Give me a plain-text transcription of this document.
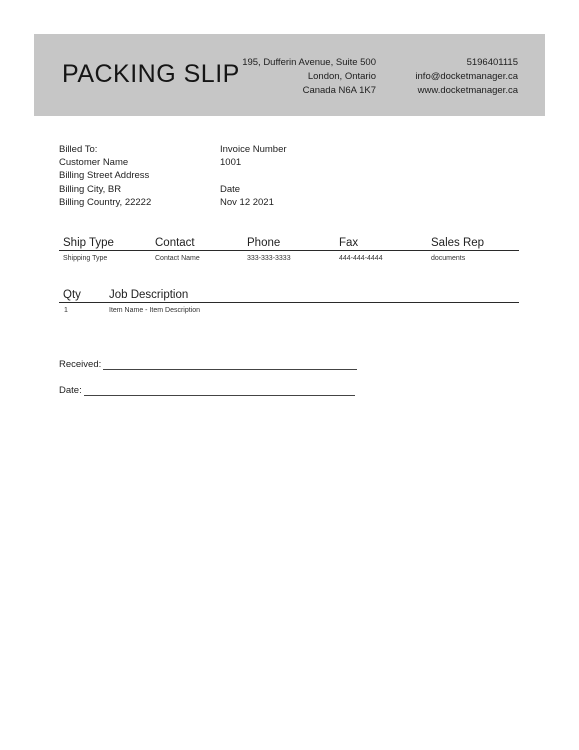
PACKING SLIP 195, Dufferin Avenue, Suite 500
London, Ontario
Canada N6A 1K7
5196401115
info@docketmanager.ca
www.docketmanager.ca
Billed To:
Customer Name
Billing Street Address
Billing City, BR
Billing Country, 22222
Invoice Number
1001
Date
Nov 12 2021
Ship Type	Contact	Phone	Fax	Sales Rep
Shipping Type	Contact Name	333-333-3333	444-444-4444	documents
Qty Job Description
1	Item Name - Item Description
Received:
Date:
